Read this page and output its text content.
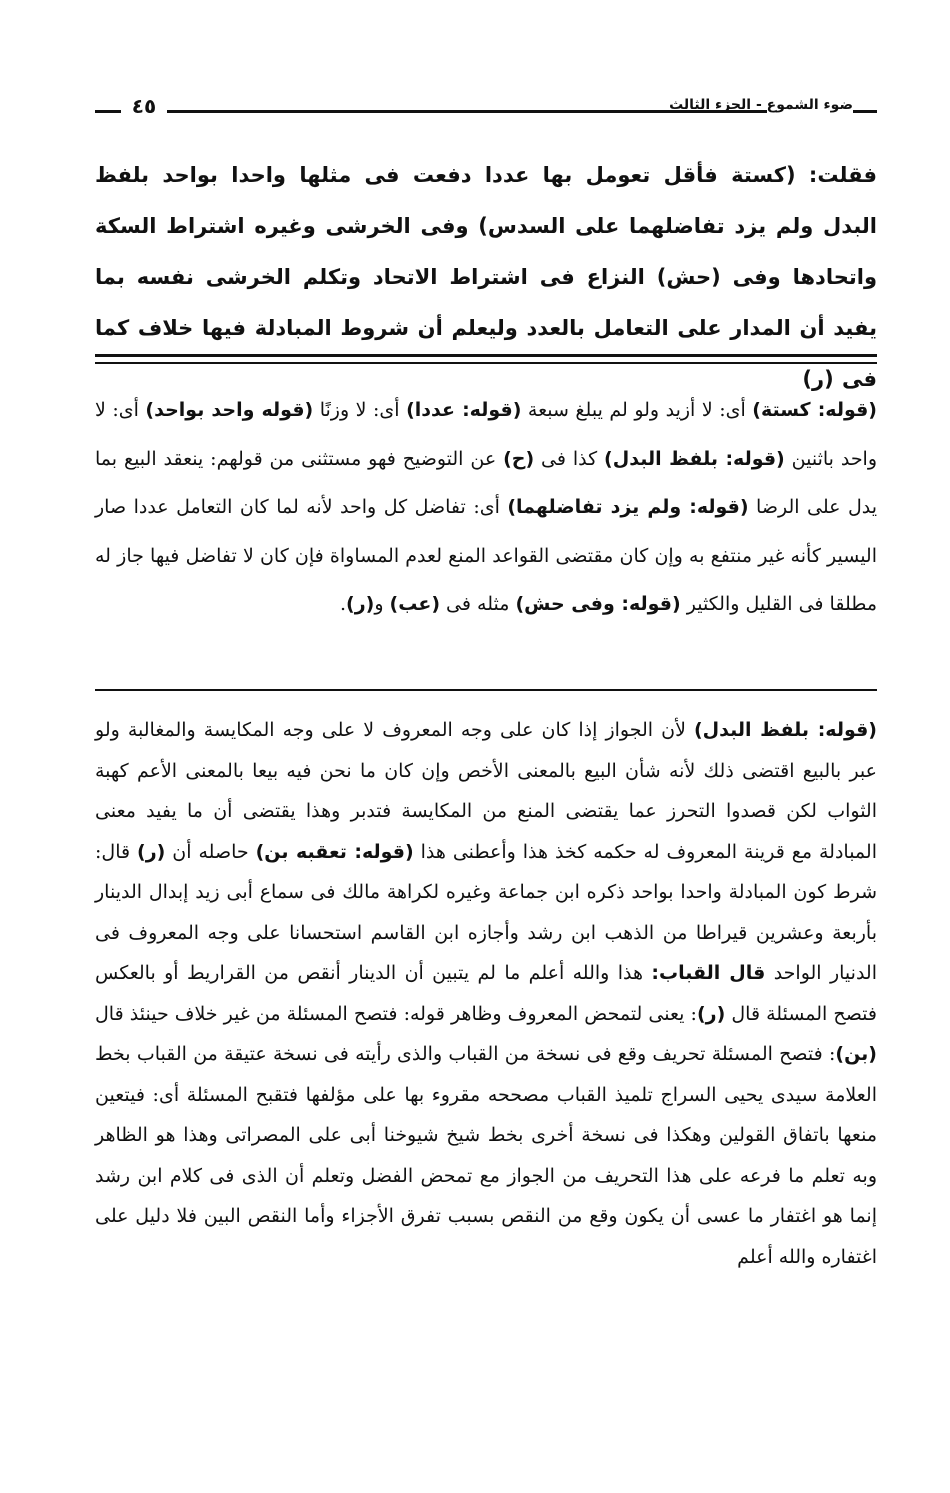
٤٥	ضوء الشموع - الجزء الثالث
فقلت: (كستة فأقل تعومل بها عددا دفعت فى مثلها واحدا بواحد بلفظ البدل ولم يزد تفاضلهما على السدس) وفى الخرشى وغيره اشتراط السكة واتحادها وفى (حش) النزاع فى اشتراط الاتحاد وتكلم الخرشى نفسه بما يفيد أن المدار على التعامل بالعدد وليعلم أن شروط المبادلة فيها خلاف كما فى (ر)

(قوله: كستة) أى: لا أزيد ولو لم يبلغ سبعة (قوله: عددا) أى: لا وزنًا (قوله واحد بواحد) أى: لا واحد باثنين (قوله: بلفظ البدل) كذا فى (ح) عن التوضيح فهو مستثنى من قولهم: ينعقد البيع بما يدل على الرضا (قوله: ولم يزد تفاضلهما) أى: تفاضل كل واحد لأنه لما كان التعامل عددا صار اليسير كأنه غير منتفع به وإن كان مقتضى القواعد المنع لعدم المساواة فإن كان لا تفاضل فيها جاز له مطلقا فى القليل والكثير (قوله: وفى حش) مثله فى (عب) و(ر).

(قوله: بلفظ البدل) لأن الجواز إذا كان على وجه المعروف لا على وجه المكايسة والمغالبة ولو عبر بالبيع اقتضى ذلك لأنه شأن البيع بالمعنى الأخص وإن كان ما نحن فيه بيعا بالمعنى الأعم كهبة الثواب لكن قصدوا التحرز عما يقتضى المنع من المكايسة فتدبر وهذا يقتضى أن ما يفيد معنى المبادلة مع قرينة المعروف له حكمه كخذ هذا وأعطنى هذا (قوله: تعقبه بن) حاصله أن (ر) قال: شرط كون المبادلة واحدا بواحد ذكره ابن جماعة وغيره لكراهة مالك فى سماع أبى زيد إبدال الدينار بأربعة وعشرين قيراطا من الذهب ابن رشد وأجازه ابن القاسم استحسانا على وجه المعروف فى الدنيار الواحد قال القباب: هذا والله أعلم ما لم يتبين أن الدينار أنقص من القراريط أو بالعكس فتصح المسئلة قال (ر): يعنى لتمحض المعروف وظاهر قوله: فتصح المسئلة من غير خلاف حينئذ قال (بن): فتصح المسئلة تحريف وقع فى نسخة من القباب والذى رأيته فى نسخة عتيقة من القباب بخط العلامة سيدى يحيى السراج تلميذ القباب مصححه مقروء بها على مؤلفها فتقبح المسئلة أى: فيتعين منعها باتفاق القولين وهكذا فى نسخة أخرى بخط شيخ شيوخنا أبى على المصراتى وهذا هو الظاهر وبه تعلم ما فرعه على هذا التحريف من الجواز مع تمحض الفضل وتعلم أن الذى فى كلام ابن رشد إنما هو اغتفار ما عسى أن يكون وقع من النقص بسبب تفرق الأجزاء وأما النقص البين فلا دليل على اغتفاره والله أعلم
